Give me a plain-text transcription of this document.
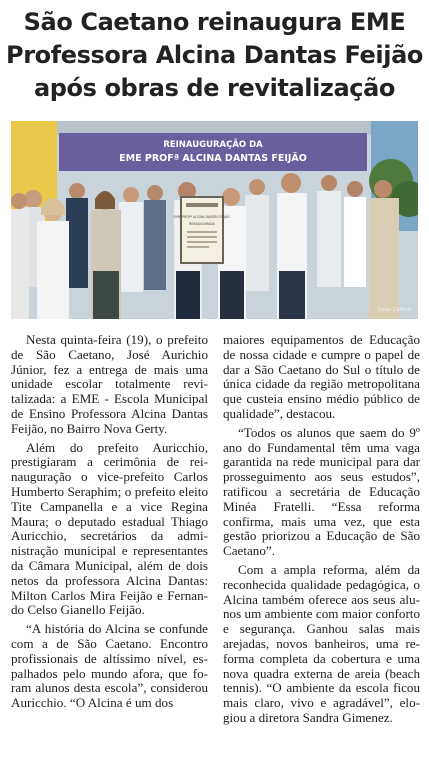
São Caetano reinaugura EME Professora Alcina Dantas Feijão após obras de revitalização
REINAUGURAÇÃO DA
EME PROFª ALCINA DANTAS FEIJÃO
EME PROFª ALCINA DANTAS FEIJÃO
REINAUGURADA
Celso Caffaro

Nesta quinta-feira (19), o prefeito de São Caetano, José Aurichio Júnior, fez a entrega de mais uma unidade escolar totalmente revitalizada: a EME - Escola Municipal de Ensino Professora Alcina Dantas Feijão, no Bairro Nova Gerty.

Além do prefeito Auricchio, prestigiaram a cerimônia de reinauguração o vice-prefeito Carlos Humberto Seraphim; o prefeito eleito Tite Campanella e a vice Regina Maura; o deputado estadual Thiago Auricchio, secretários da administração municipal e representantes da Câmara Municipal, além de dois netos da professora Alcina Dantas: Milton Carlos Mira Feijão e Fernando Celso Gianello Feijão.

“A história do Alcina se confunde com a de São Caetano. Encontro profissionais de altíssimo nível, espalhados pelo mundo afora, que foram alunos desta escola”, considerou Auricchio. “O Alcina é um dos

maiores equipamentos de Educação de nossa cidade e cumpre o papel de dar a São Caetano do Sul o título de única cidade da região metropolitana que custeia ensino médio público de qualidade”, destacou.

“Todos os alunos que saem do 9º ano do Fundamental têm uma vaga garantida na rede municipal para dar prosseguimento aos seus estudos”, ratificou a secretária de Educação Minéa Fratelli. “Essa reforma confirma, mais uma vez, que esta gestão priorizou a Educação de São Caetano”.

Com a ampla reforma, além da reconhecida qualidade pedagógica, o Alcina também oferece aos seus alunos um ambiente com maior conforto e segurança. Ganhou salas mais arejadas, novos banheiros, uma reforma completa da cobertura e uma nova quadra externa de areia (beach tennis). “O ambiente da escola ficou mais claro, vivo e agradável”, elogiou a diretora Sandra Gimenez.
